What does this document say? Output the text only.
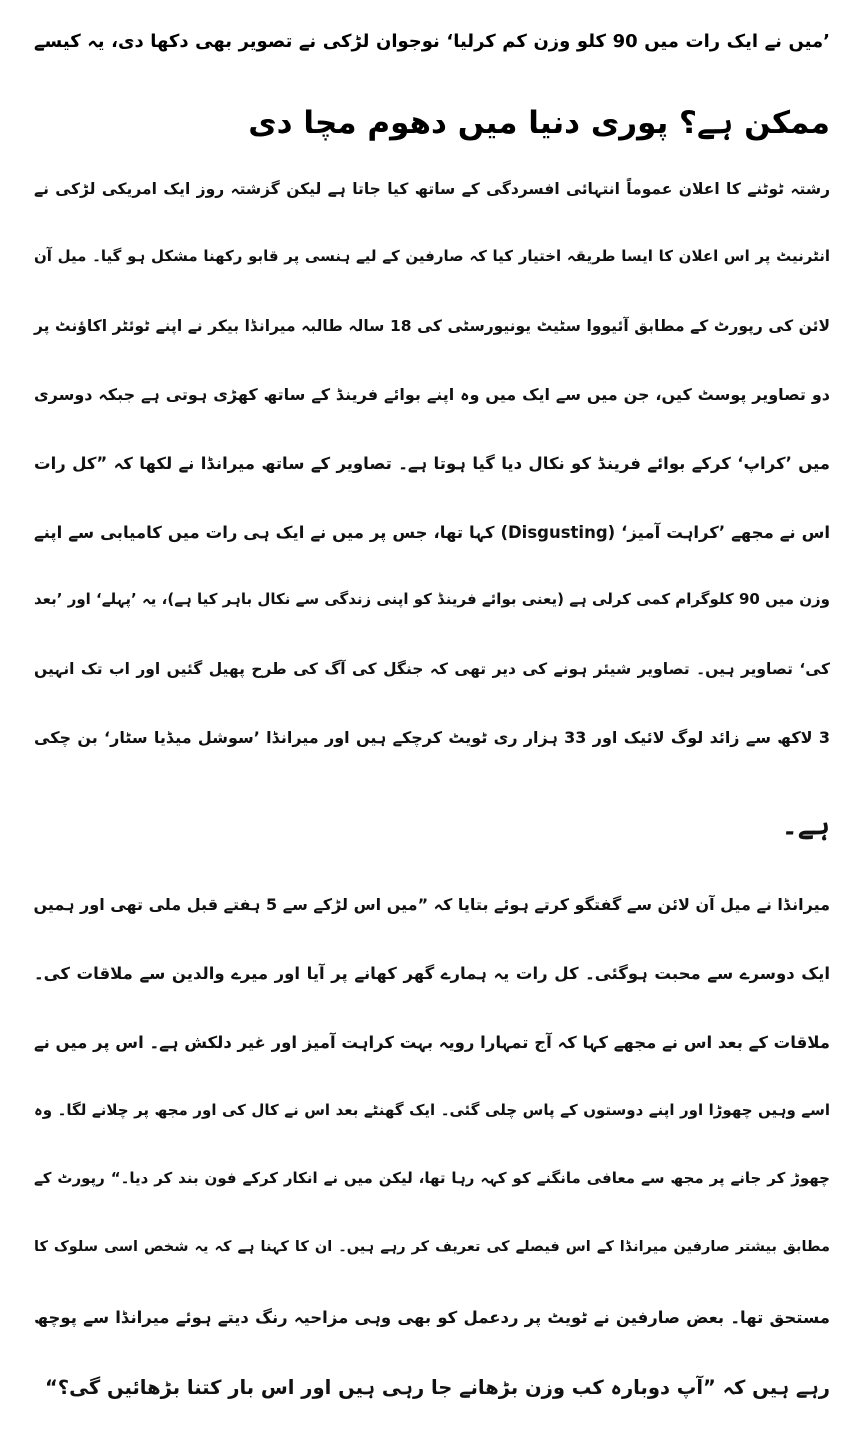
’میں نے ایک رات میں 90 کلو وزن کم کرلیا‘ نوجوان لڑکی نے تصویر بھی دکھا دی، یہ کیسے
ممکن ہے؟ پوری دنیا میں دھوم مچا دی
رشتہ ٹوٹنے کا اعلان عموماً انتہائی افسردگی کے ساتھ کیا جاتا ہے لیکن گزشتہ روز ایک امریکی لڑکی نے
انٹرنیٹ پر اس اعلان کا ایسا طریقہ اختیار کیا کہ صارفین کے لیے ہنسی پر قابو رکھنا مشکل ہو گیا۔ میل آن
لائن کی رپورٹ کے مطابق آئیووا سٹیٹ یونیورسٹی کی 18 سالہ طالبہ میرانڈا بیکر نے اپنے ٹوئٹر اکاؤنٹ پر
دو تصاویر پوسٹ کیں، جن میں سے ایک میں وہ اپنے بوائے فرینڈ کے ساتھ کھڑی ہوتی ہے جبکہ دوسری
میں ’کراپ‘ کرکے بوائے فرینڈ کو نکال دیا گیا ہوتا ہے۔ تصاویر کے ساتھ میرانڈا نے لکھا کہ ”کل رات
اس نے مجھے ’کراہت آمیز‘ (Disgusting) کہا تھا، جس پر میں نے ایک ہی رات میں کامیابی سے اپنے
وزن میں 90 کلوگرام کمی کرلی ہے (یعنی بوائے فرینڈ کو اپنی زندگی سے نکال باہر کیا ہے)، یہ ’پہلے‘ اور ’بعد
کی‘ تصاویر ہیں۔ تصاویر شیئر ہونے کی دیر تھی کہ جنگل کی آگ کی طرح پھیل گئیں اور اب تک انہیں
3 لاکھ سے زائد لوگ لائیک اور 33 ہزار ری ٹویٹ کرچکے ہیں اور میرانڈا ’سوشل میڈیا سٹار‘ بن چکی
ہے۔
میرانڈا نے میل آن لائن سے گفتگو کرتے ہوئے بتایا کہ ”میں اس لڑکے سے 5 ہفتے قبل ملی تھی اور ہمیں
ایک دوسرے سے محبت ہوگئی۔ کل رات یہ ہمارے گھر کھانے پر آیا اور میرے والدین سے ملاقات کی۔
ملاقات کے بعد اس نے مجھے کہا کہ آج تمہارا رویہ بہت کراہت آمیز اور غیر دلکش ہے۔ اس پر میں نے
اسے وہیں چھوڑا اور اپنے دوستوں کے پاس چلی گئی۔ ایک گھنٹے بعد اس نے کال کی اور مجھ پر چلانے لگا۔ وہ
چھوڑ کر جانے پر مجھ سے معافی مانگنے کو کہہ رہا تھا، لیکن میں نے انکار کرکے فون بند کر دیا۔“ رپورٹ کے
مطابق بیشتر صارفین میرانڈا کے اس فیصلے کی تعریف کر رہے ہیں۔ ان کا کہنا ہے کہ یہ شخص اسی سلوک کا
مستحق تھا۔ بعض صارفین نے ٹویٹ پر ردعمل کو بھی وہی مزاحیہ رنگ دیتے ہوئے میرانڈا سے پوچھ
رہے ہیں کہ ”آپ دوبارہ کب وزن بڑھانے جا رہی ہیں اور اس بار کتنا بڑھائیں گی؟“
